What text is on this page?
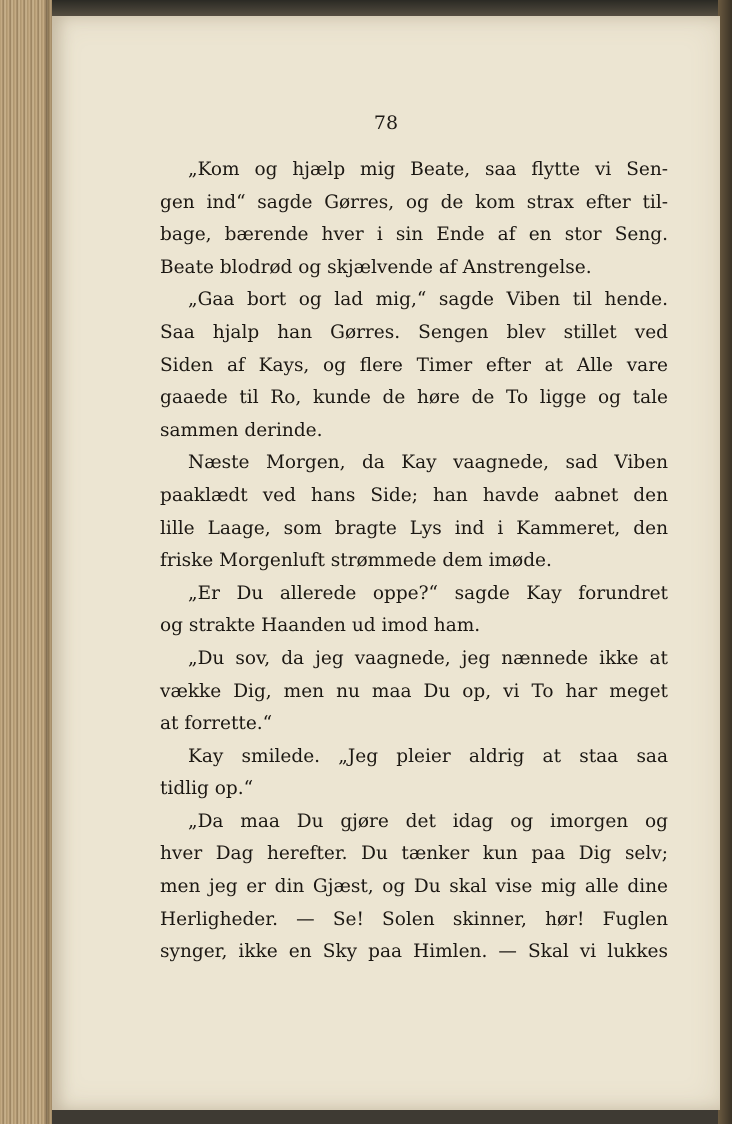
78
„Kom og hjælp mig Beate, saa flytte vi Sen-
gen ind“ sagde Gørres, og de kom strax efter til-
bage, bærende hver i sin Ende af en stor Seng.
Beate blodrød og skjælvende af Anstrengelse.
„Gaa bort og lad mig,“ sagde Viben til hende.
Saa hjalp han Gørres. Sengen blev stillet ved
Siden af Kays, og flere Timer efter at Alle vare
gaaede til Ro, kunde de høre de To ligge og tale
sammen derinde.
Næste Morgen, da Kay vaagnede, sad Viben
paaklædt ved hans Side; han havde aabnet den
lille Laage, som bragte Lys ind i Kammeret, den
friske Morgenluft strømmede dem imøde.
„Er Du allerede oppe?“ sagde Kay forundret
og strakte Haanden ud imod ham.
„Du sov, da jeg vaagnede, jeg nænnede ikke at
vække Dig, men nu maa Du op, vi To har meget
at forrette.“
Kay smilede. „Jeg pleier aldrig at staa saa
tidlig op.“
„Da maa Du gjøre det idag og imorgen og
hver Dag herefter. Du tænker kun paa Dig selv;
men jeg er din Gjæst, og Du skal vise mig alle dine
Herligheder. — Se! Solen skinner, hør! Fuglen
synger, ikke en Sky paa Himlen. — Skal vi lukkes
